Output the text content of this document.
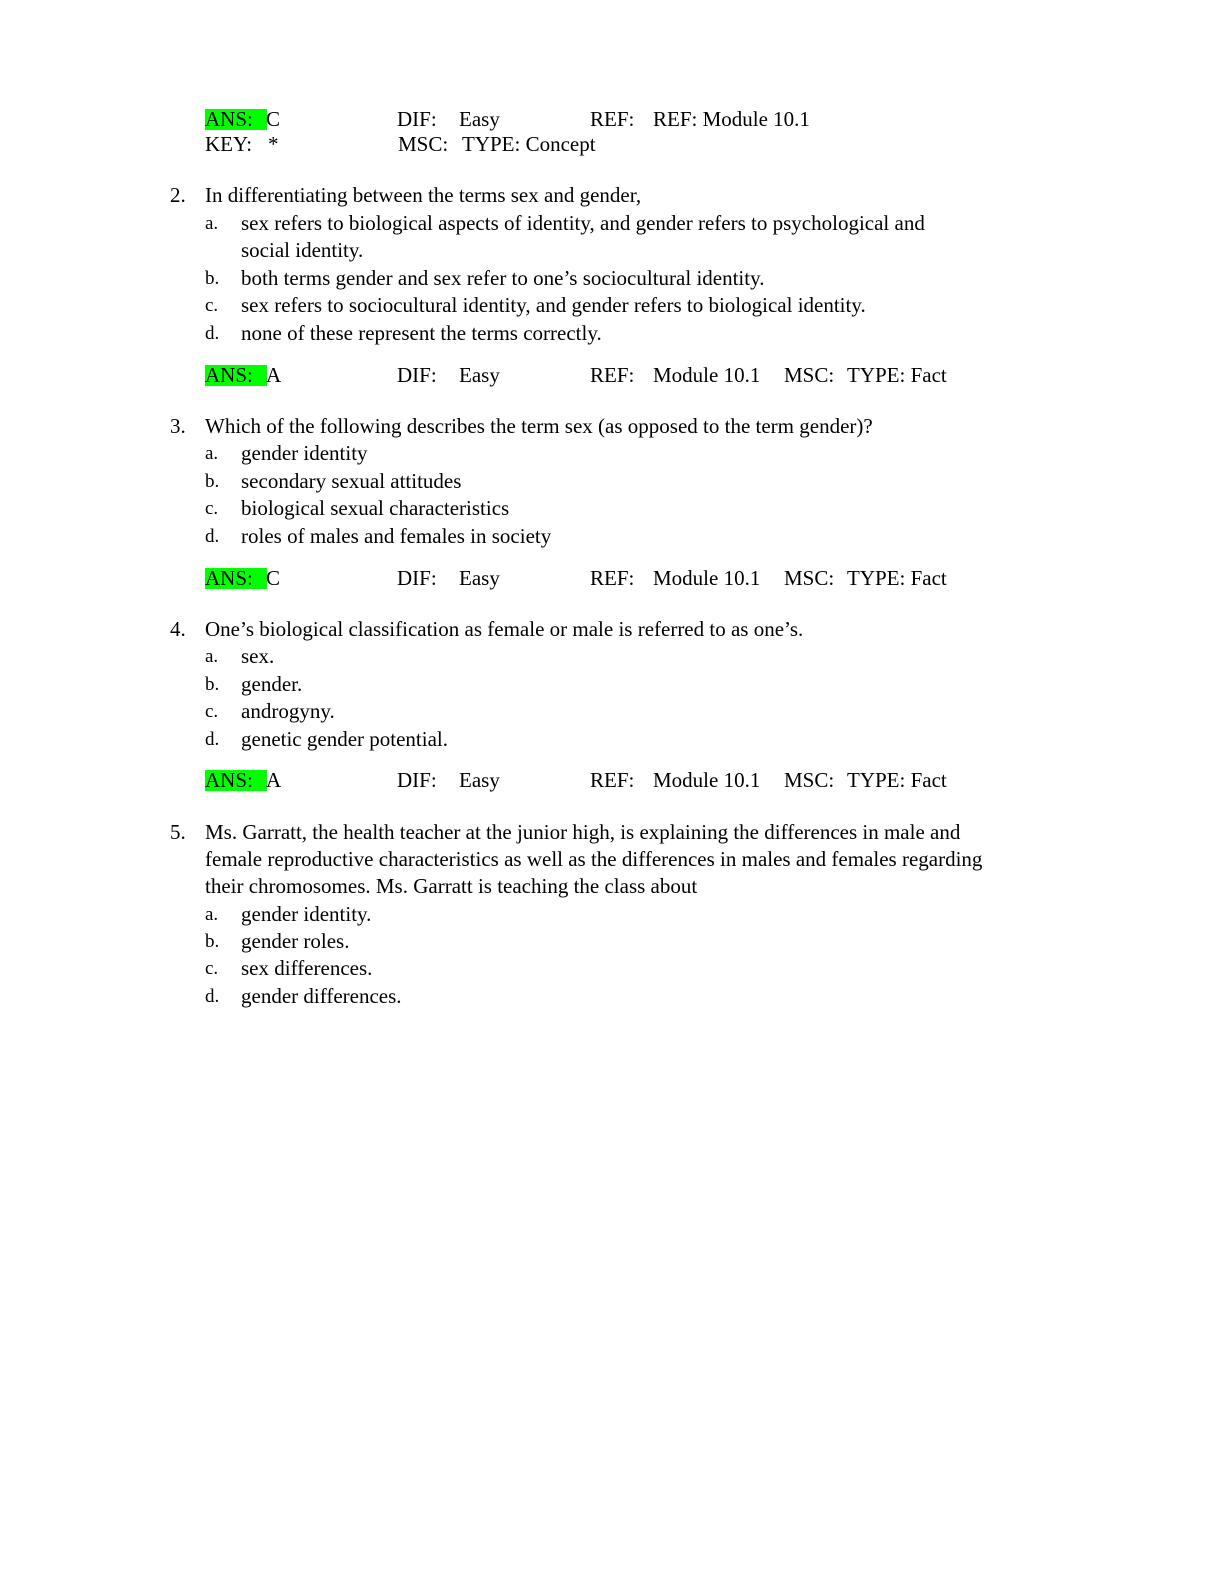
ANS: C	DIF: Easy	REF: REF: Module 10.1
KEY: *	MSC: TYPE: Concept
2. In differentiating between the terms sex and gender,
a. sex refers to biological aspects of identity, and gender refers to psychological and
social identity.
b. both terms gender and sex refer to one’s sociocultural identity.
c. sex refers to sociocultural identity, and gender refers to biological identity.
d. none of these represent the terms correctly.
ANS: A	DIF: Easy	REF: Module 10.1 MSC: TYPE: Fact
3. Which of the following describes the term sex (as opposed to the term gender)?
a. gender identity
b. secondary sexual attitudes
c. biological sexual characteristics
d. roles of males and females in society
ANS: C	DIF: Easy	REF: Module 10.1 MSC: TYPE: Fact
4. One’s biological classification as female or male is referred to as one’s.
a. sex.
b. gender.
c. androgyny.
d. genetic gender potential.
ANS: A	DIF: Easy	REF: Module 10.1 MSC: TYPE: Fact
5. Ms. Garratt, the health teacher at the junior high, is explaining the differences in male and
female reproductive characteristics as well as the differences in males and females regarding
their chromosomes. Ms. Garratt is teaching the class about
a. gender identity.
b. gender roles.
c. sex differences.
d. gender differences.
